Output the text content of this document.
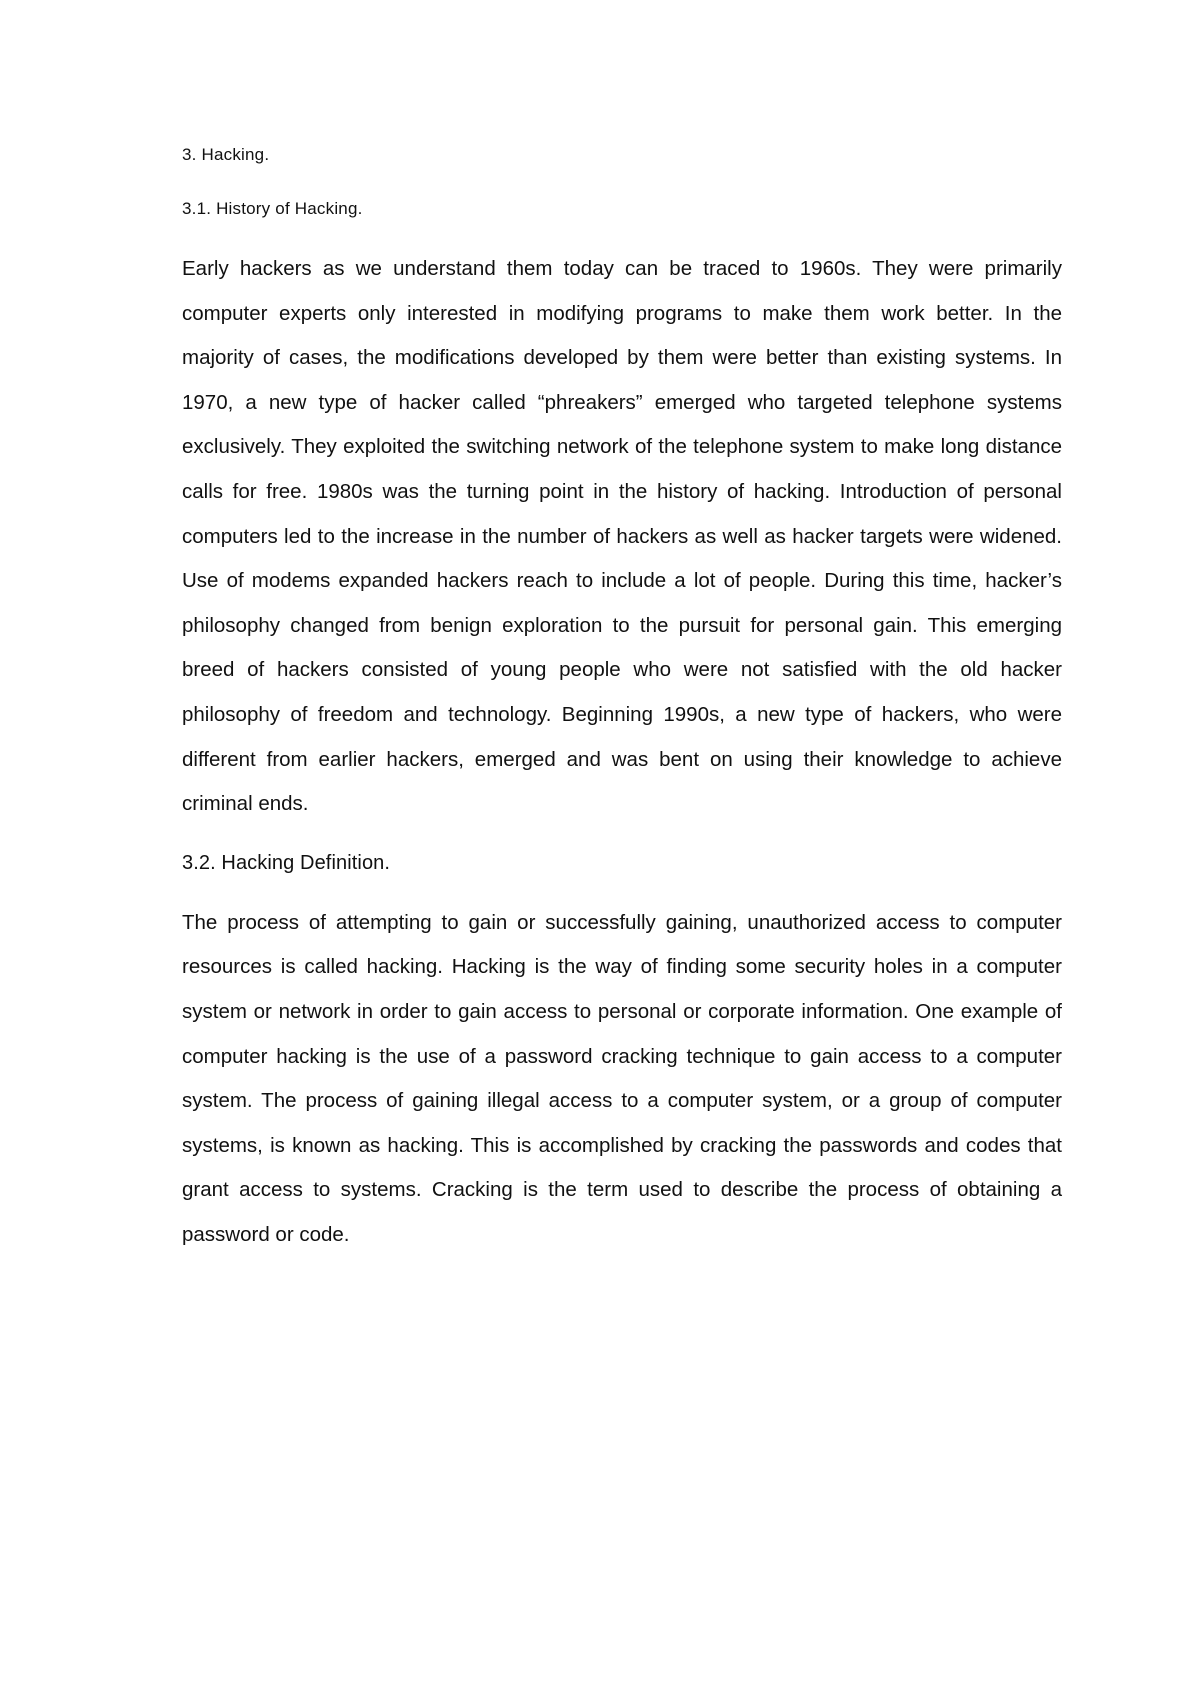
3. Hacking.

3.1. History of Hacking.

Early hackers as we understand them today can be traced to 1960s. They were primarily computer experts only interested in modifying programs to make them work better. In the majority of cases, the modifications developed by them were better than existing systems. In 1970, a new type of hacker called “phreakers” emerged who targeted telephone systems exclusively. They exploited the switching network of the telephone system to make long distance calls for free. 1980s was the turning point in the history of hacking. Introduction of personal computers led to the increase in the number of hackers as well as hacker targets were widened. Use of modems expanded hackers reach to include a lot of people. During this time, hacker’s philosophy changed from benign exploration to the pursuit for personal gain. This emerging breed of hackers consisted of young people who were not satisfied with the old hacker philosophy of freedom and technology. Beginning 1990s, a new type of hackers, who were different from earlier hackers, emerged and was bent on using their knowledge to achieve criminal ends.

3.2. Hacking Definition.

The process of attempting to gain or successfully gaining, unauthorized access to computer resources is called hacking. Hacking is the way of finding some security holes in a computer system or network in order to gain access to personal or corporate information. One example of computer hacking is the use of a password cracking technique to gain access to a computer system. The process of gaining illegal access to a computer system, or a group of computer systems, is known as hacking. This is accomplished by cracking the passwords and codes that grant access to systems. Cracking is the term used to describe the process of obtaining a password or code.
